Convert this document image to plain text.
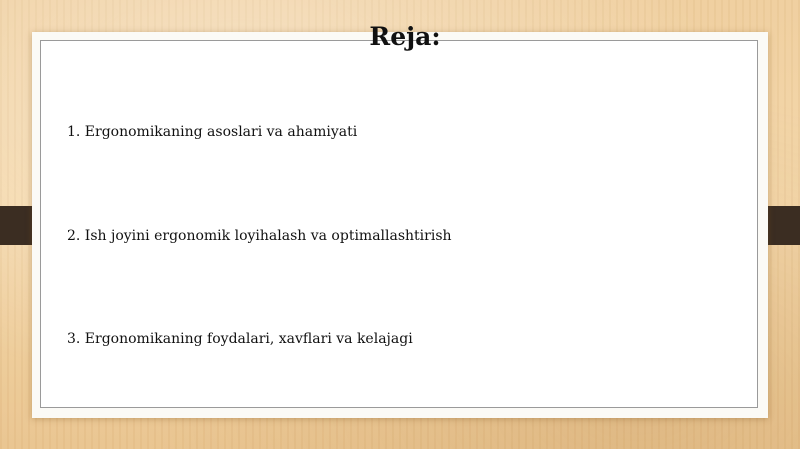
Reja:
1. Ergonomikaning asoslari va ahamiyati
2. Ish joyini ergonomik loyihalash va optimallashtirish
3. Ergonomikaning foydalari, xavflari va kelajagi
